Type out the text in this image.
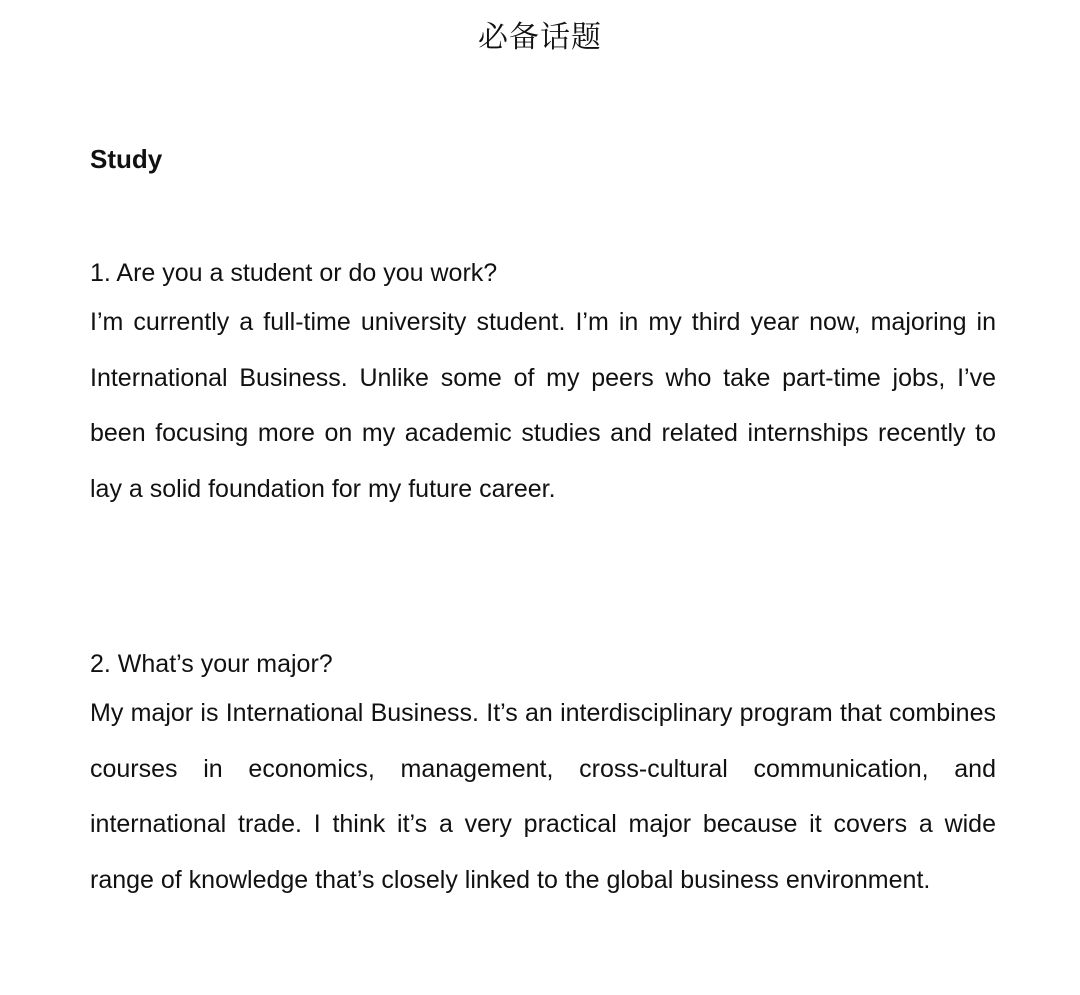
必备话题
Study
1. Are you a student or do you work?
I’m currently a full-time university student. I’m in my third year now, majoring in International Business. Unlike some of my peers who take part-time jobs, I’ve been focusing more on my academic studies and related internships recently to lay a solid foundation for my future career.
2. What’s your major?
My major is International Business. It’s an interdisciplinary program that combines courses in economics, management, cross-cultural communication, and international trade. I think it’s a very practical major because it covers a wide range of knowledge that’s closely linked to the global business environment.
